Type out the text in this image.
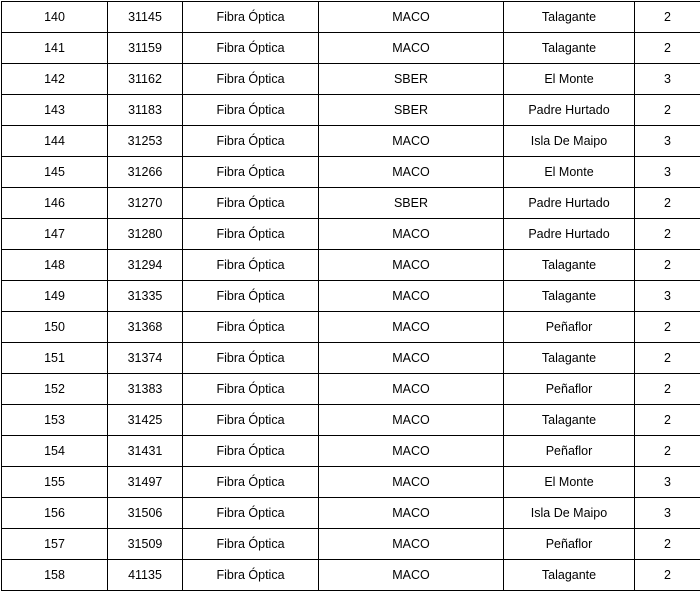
140	31145	Fibra Óptica	MACO	Talagante	2
141	31159	Fibra Óptica	MACO	Talagante	2
142	31162	Fibra Óptica	SBER	El Monte	3
143	31183	Fibra Óptica	SBER	Padre Hurtado	2
144	31253	Fibra Óptica	MACO	Isla De Maipo	3
145	31266	Fibra Óptica	MACO	El Monte	3
146	31270	Fibra Óptica	SBER	Padre Hurtado	2
147	31280	Fibra Óptica	MACO	Padre Hurtado	2
148	31294	Fibra Óptica	MACO	Talagante	2
149	31335	Fibra Óptica	MACO	Talagante	3
150	31368	Fibra Óptica	MACO	Peñaflor	2
151	31374	Fibra Óptica	MACO	Talagante	2
152	31383	Fibra Óptica	MACO	Peñaflor	2
153	31425	Fibra Óptica	MACO	Talagante	2
154	31431	Fibra Óptica	MACO	Peñaflor	2
155	31497	Fibra Óptica	MACO	El Monte	3
156	31506	Fibra Óptica	MACO	Isla De Maipo	3
157	31509	Fibra Óptica	MACO	Peñaflor	2
158	41135	Fibra Óptica	MACO	Talagante	2
